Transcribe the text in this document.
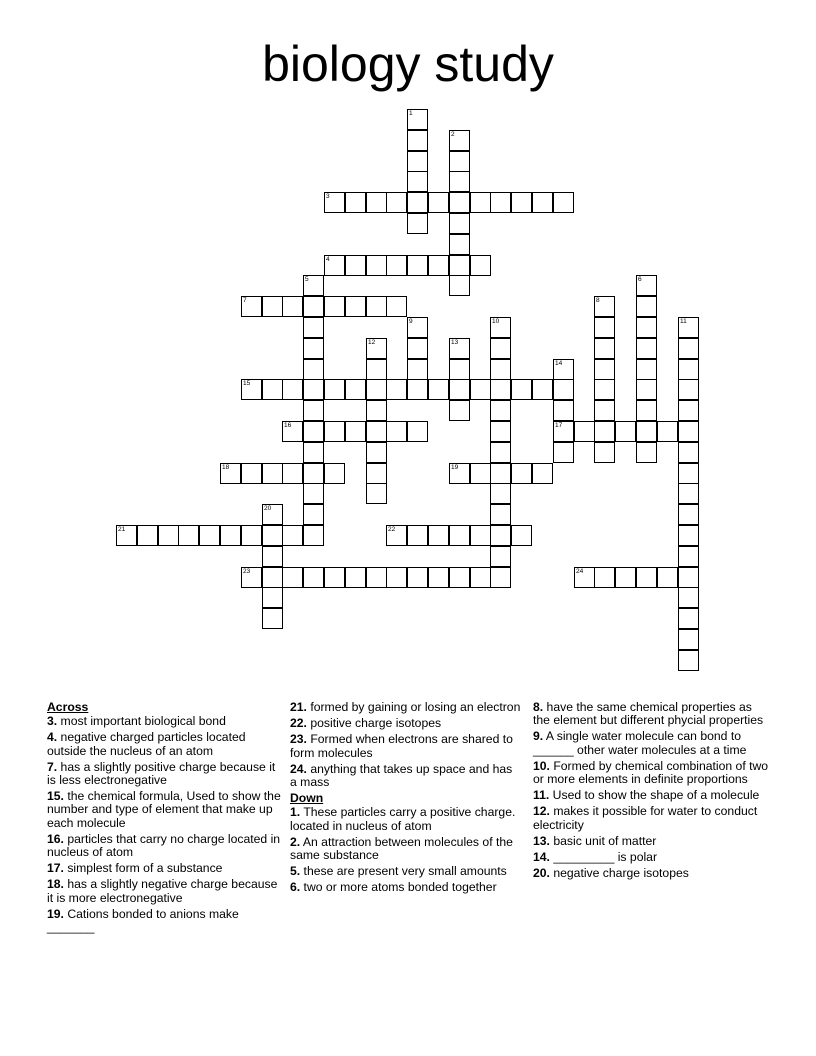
biology study
1
2
3
4
5	6
8
9	10	11
12	13
14
15
16	17
18	19
20
21	22
23	24
7
Across
3. most important biological bond
4. negative charged particles located outside the nucleus of an atom
7. has a slightly positive charge because it is less electronegative
15. the chemical formula, Used to show the number and type of element that make up each molecule
16. particles that carry no charge located in nucleus of atom
17. simplest form of a substance
18. has a slightly negative charge because it is more electronegative
19. Cations bonded to anions make _______
21. formed by gaining or losing an electron
22. positive charge isotopes
23. Formed when electrons are shared to form molecules
24. anything that takes up space and has a mass
Down
1. These particles carry a positive charge. located in nucleus of atom
2. An attraction between molecules of the same substance
5. these are present very small amounts
6. two or more atoms bonded together
8. have the same chemical properties as the element but different phycial properties
9. A single water molecule can bond to ______ other water molecules at a time
10. Formed by chemical combination of two or more elements in definite proportions
11. Used to show the shape of a molecule
12. makes it possible for water to conduct electricity
13. basic unit of matter
14. _________ is polar
20. negative charge isotopes
